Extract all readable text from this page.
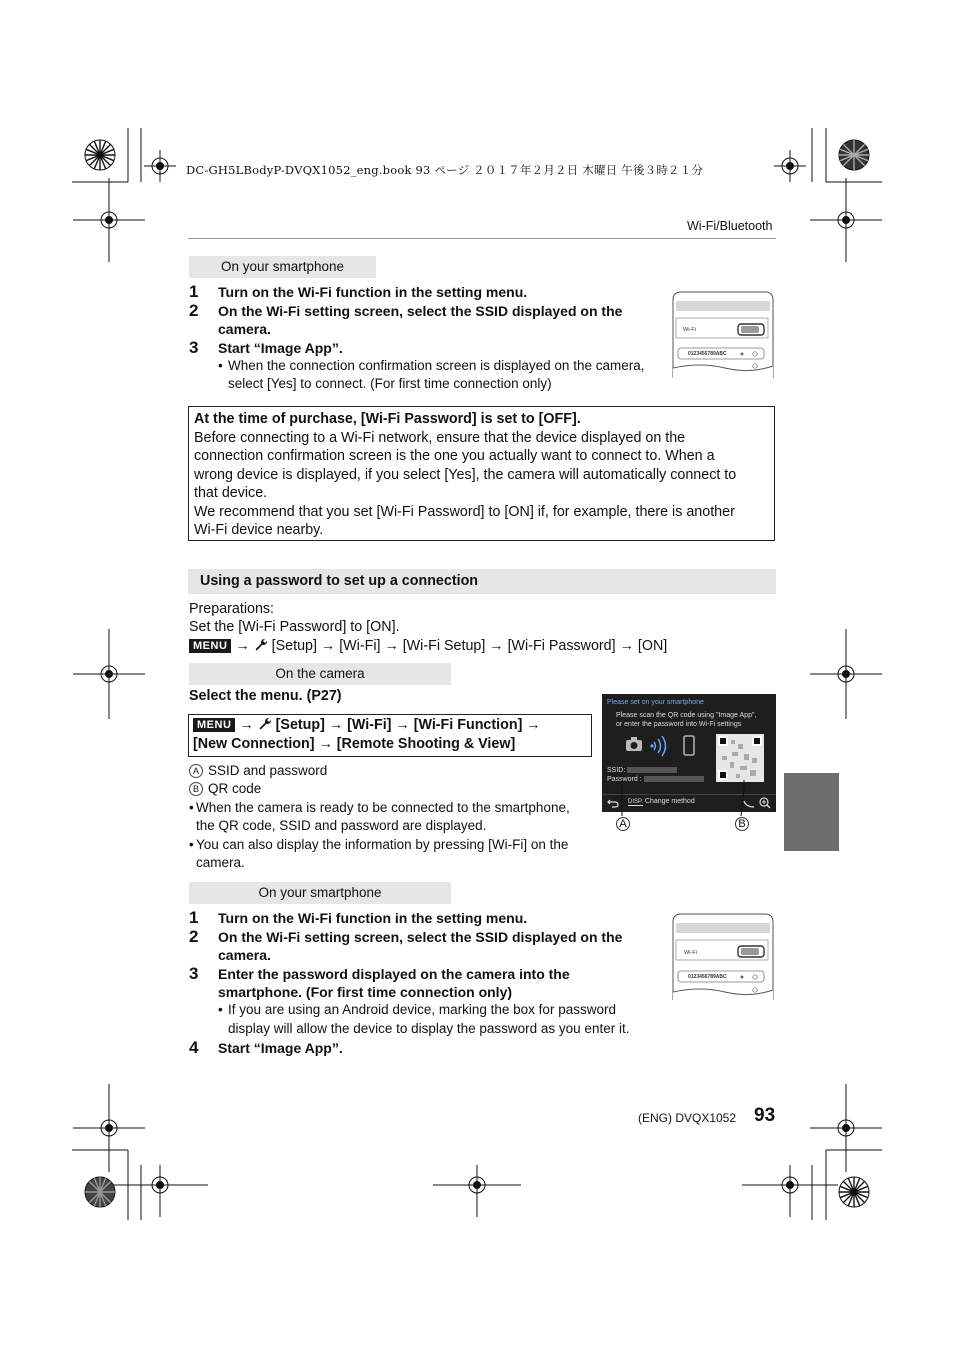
DC-GH5LBodyP-DVQX1052_eng.book 93 ページ ２０１７年２月２日 木曜日 午後３時２１分
Wi-Fi/Bluetooth
On your smartphone
1 Turn on the Wi-Fi function in the setting menu.
2 On the Wi-Fi setting screen, select the SSID displayed on the
camera.
3 Start “Image App”.
• When the connection confirmation screen is displayed on the camera,
select [Yes] to connect. (For first time connection only)
Wi-Fi
0123456789ABC
At the time of purchase, [Wi-Fi Password] is set to [OFF].
Before connecting to a Wi-Fi network, ensure that the device displayed on the
connection confirmation screen is the one you actually want to connect to. When a
wrong device is displayed, if you select [Yes], the camera will automatically connect to
that device.
We recommend that you set [Wi-Fi Password] to [ON] if, for example, there is another
Wi-Fi device nearby.
Using a password to set up a connection
Preparations:
Set the [Wi-Fi Password] to [ON].
MENU → [Setup] → [Wi-Fi] → [Wi-Fi Setup] → [Wi-Fi Password] → [ON]
On the camera
Select the menu. (P27)
MENU → [Setup] → [Wi-Fi] → [Wi-Fi Function] →
[New Connection] → [Remote Shooting & View]
A SSID and password
B QR code
• When the camera is ready to be connected to the smartphone,
the QR code, SSID and password are displayed.
• You can also display the information by pressing [Wi-Fi] on the
camera.
Please set on your smartphone
Please scan the QR code using "Image App",
or enter the password into Wi-Fi settings
SSID:
Password :
DISP. Change method
A	B
On your smartphone
1 Turn on the Wi-Fi function in the setting menu.
2 On the Wi-Fi setting screen, select the SSID displayed on the
camera.
3 Enter the password displayed on the camera into the
smartphone. (For first time connection only)
• If you are using an Android device, marking the box for password
display will allow the device to display the password as you enter it.
4 Start “Image App”.
Wi-Fi
0123456789ABC
(ENG) DVQX1052 93
